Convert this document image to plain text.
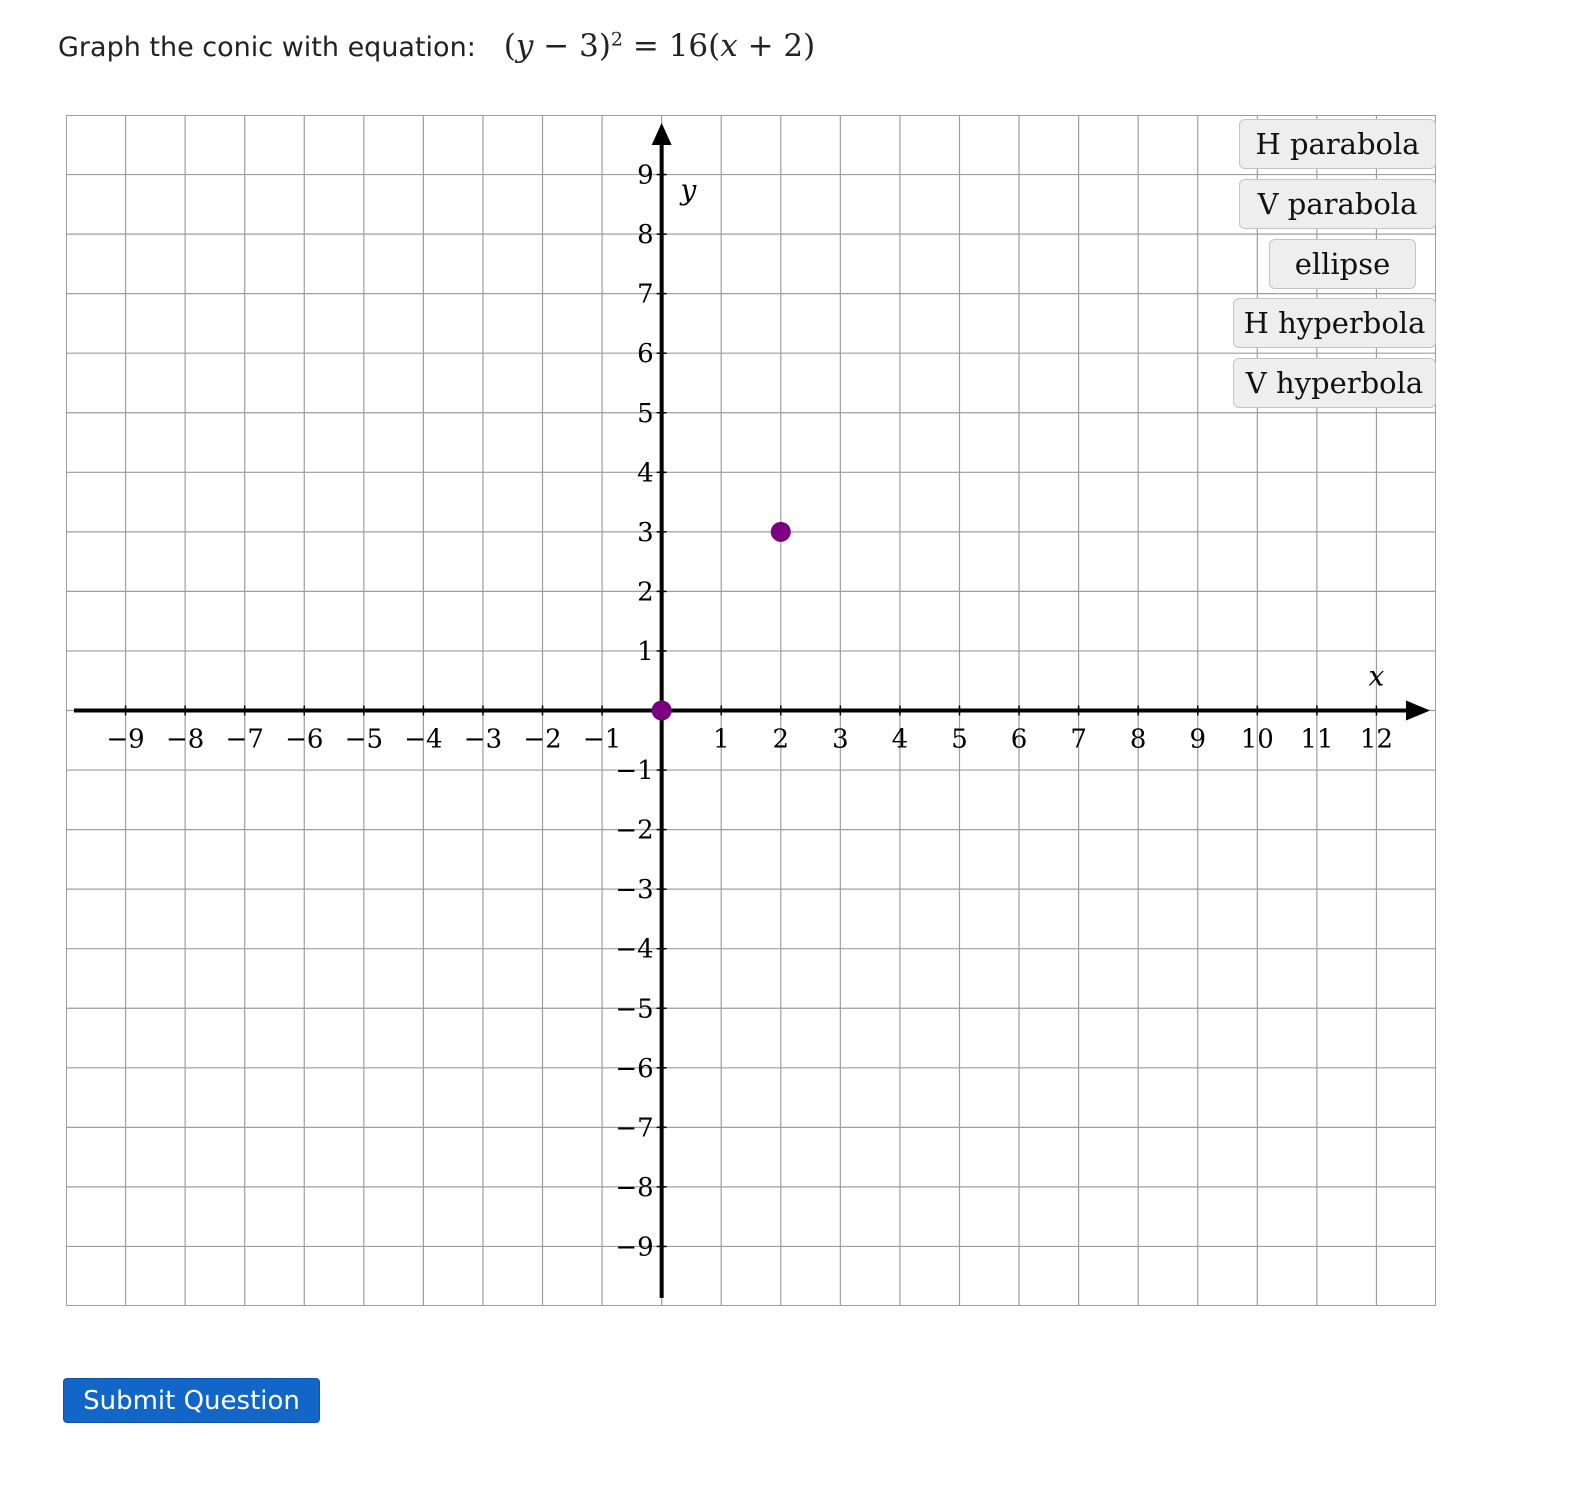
Graph the conic with equation: $(y - 3)^2 = 16(x + 2)$
−9 −8 −7 −6 −5 −4 −3 −2 −1	1 2 3 4 5 6 7 8 9 10 11 12
9
8
7
6
5
4
3
2
1
−1
−2
−3
−4
−5
−6
−7
−8
−9
x
y
H parabola
V parabola
ellipse
H hyperbola
V hyperbola
Submit Question
